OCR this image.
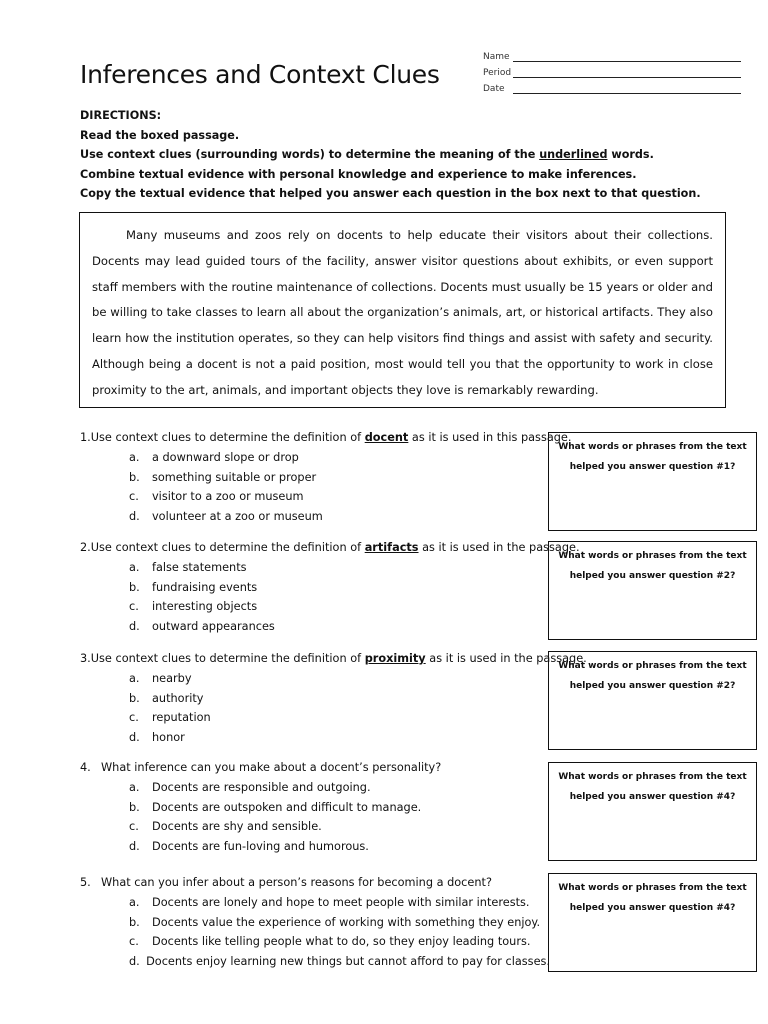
Name
Period
Date
Inferences and Context Clues
DIRECTIONS:
Read the boxed passage.
Use context clues (surrounding words) to determine the meaning of the underlined words.
Combine textual evidence with personal knowledge and experience to make inferences.
Copy the textual evidence that helped you answer each question in the box next to that question.

Many museums and zoos rely on docents to help educate their visitors about their collections. Docents may lead guided tours of the facility, answer visitor questions about exhibits, or even support staff members with the routine maintenance of collections. Docents must usually be 15 years or older and be willing to take classes to learn all about the organization’s animals, art, or historical artifacts. They also learn how the institution operates, so they can help visitors find things and assist with safety and security. Although being a docent is not a paid position, most would tell you that the opportunity to work in close proximity to the art, animals, and important objects they love is remarkably rewarding.

1. Use context clues to determine the definition of docent as it is used in this passage.
a.	a downward slope or drop
b.	something suitable or proper
c.	visitor to a zoo or museum
d.	volunteer at a zoo or museum
What words or phrases from the text
helped you answer question #1?
2. Use context clues to determine the definition of artifacts as it is used in the passage.
a.	false statements
b.	fundraising events
c.	interesting objects
d.	outward appearances
What words or phrases from the text
helped you answer question #2?
3. Use context clues to determine the definition of proximity as it is used in the passage.
a.	nearby
b.	authority
c.	reputation
d.	honor
What words or phrases from the text
helped you answer question #2?
4. What inference can you make about a docent’s personality?
a.	Docents are responsible and outgoing.
b.	Docents are outspoken and difficult to manage.
c.	Docents are shy and sensible.
d.	Docents are fun-loving and humorous.
What words or phrases from the text
helped you answer question #4?
5. What can you infer about a person’s reasons for becoming a docent?
a.	Docents are lonely and hope to meet people with similar interests.
b.	Docents value the experience of working with something they enjoy.
c.	Docents like telling people what to do, so they enjoy leading tours.
d. Docents enjoy learning new things but cannot afford to pay for classes.
What words or phrases from the text
helped you answer question #4?
